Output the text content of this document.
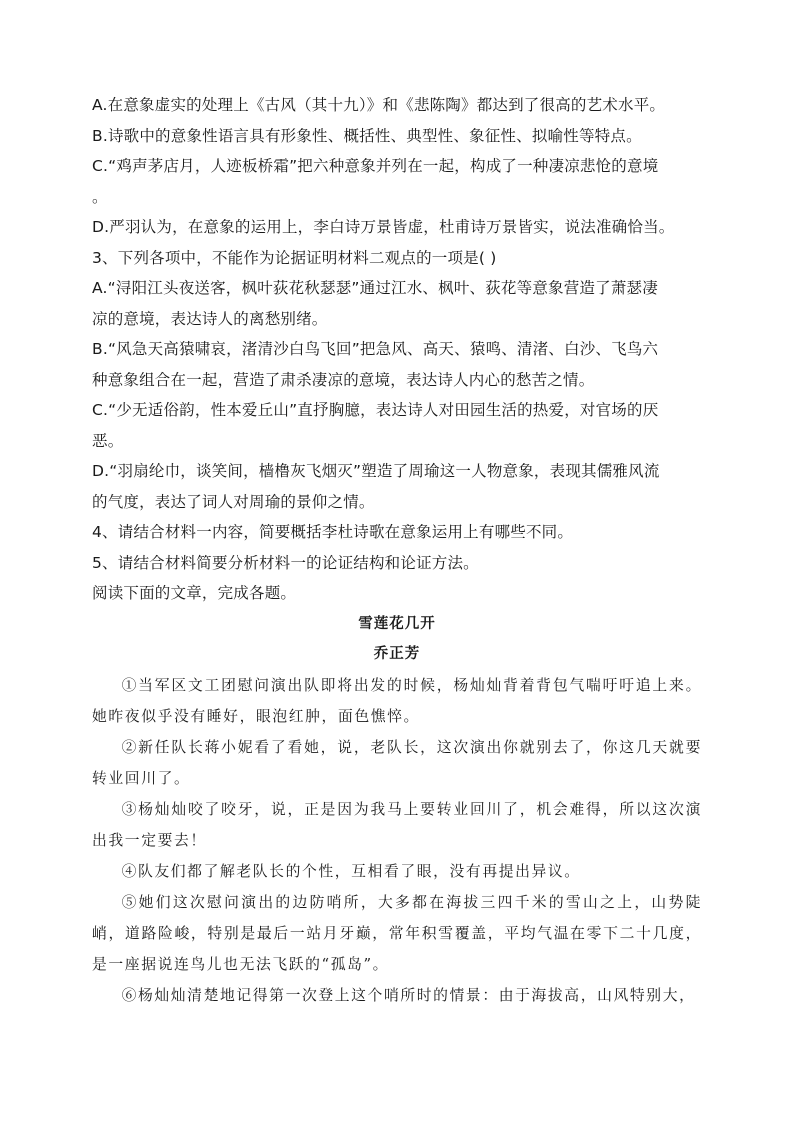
A.在意象虚实的处理上《古风（其十九）》和《悲陈陶》都达到了很高的艺术水平。
B.诗歌中的意象性语言具有形象性、概括性、典型性、象征性、拟喻性等特点。
C.“鸡声茅店月，人迹板桥霜”把六种意象并列在一起，构成了一种凄凉悲怆的意境
。
D.严羽认为，在意象的运用上，李白诗万景皆虚，杜甫诗万景皆实，说法准确恰当。
3、下列各项中，不能作为论据证明材料二观点的一项是( )
A.“浔阳江头夜送客，枫叶荻花秋瑟瑟”通过江水、枫叶、荻花等意象营造了萧瑟凄
凉的意境，表达诗人的离愁别绪。
B.“风急天高猿啸哀，渚清沙白鸟飞回”把急风、高天、猿鸣、清渚、白沙、飞鸟六
种意象组合在一起，营造了肃杀凄凉的意境，表达诗人内心的愁苦之情。
C.“少无适俗韵，性本爱丘山”直抒胸臆，表达诗人对田园生活的热爱，对官场的厌
恶。
D.“羽扇纶巾，谈笑间，樯橹灰飞烟灭”塑造了周瑜这一人物意象，表现其儒雅风流
的气度，表达了词人对周瑜的景仰之情。
4、请结合材料一内容，简要概括李杜诗歌在意象运用上有哪些不同。
5、请结合材料简要分析材料一的论证结构和论证方法。
阅读下面的文章，完成各题。
雪莲花几开
乔正芳
①当军区文工团慰问演出队即将出发的时候，杨灿灿背着背包气喘吁吁追上来。她昨夜似乎没有睡好，眼泡红肿，面色憔悴。
②新任队长蒋小妮看了看她，说，老队长，这次演出你就别去了，你这几天就要转业回川了。
③杨灿灿咬了咬牙，说，正是因为我马上要转业回川了，机会难得，所以这次演出我一定要去！
④队友们都了解老队长的个性，互相看了眼，没有再提出异议。
⑤她们这次慰问演出的边防哨所，大多都在海拔三四千米的雪山之上，山势陡峭，道路险峻，特别是最后一站月牙巅，常年积雪覆盖，平均气温在零下二十几度，是一座据说连鸟儿也无法飞跃的“孤岛”。
⑥杨灿灿清楚地记得第一次登上这个哨所时的情景：由于海拔高，山风特别大，
